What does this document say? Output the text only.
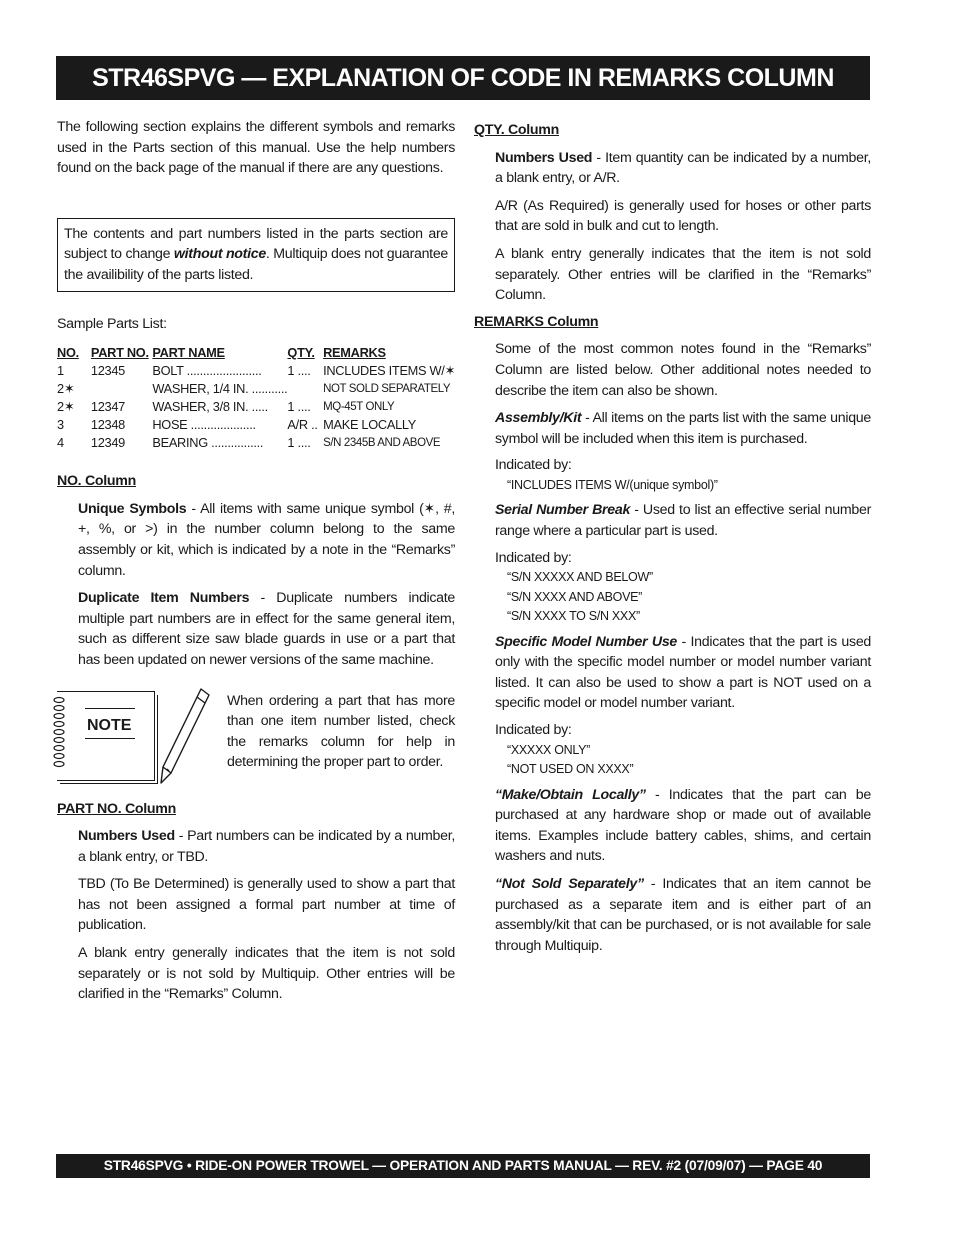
STR46SPVG — EXPLANATION OF CODE IN REMARKS COLUMN

The following section explains the different symbols and remarks used in the Parts section of this manual. Use the help numbers found on the back page of the manual if there are any questions.

The contents and part numbers listed in the parts section are subject to change without notice. Multiquip does not guarantee the availibility of the parts listed.

Sample Parts List:

NO.	PART NO.	PART NAME	QTY.	REMARKS
1	12345	BOLT .......................	1 ....	INCLUDES ITEMS W/✶
2✶		WASHER, 1/4 IN. ...........		NOT SOLD SEPARATELY
2✶	12347	WASHER, 3/8 IN. .....	1 ....	MQ-45T ONLY
3	12348	HOSE ....................	A/R ..	MAKE LOCALLY
4	12349	BEARING ................	1 ....	S/N 2345B AND ABOVE

NO. Column

Unique Symbols - All items with same unique symbol (✶, #, +, %, or >) in the number column belong to the same assembly or kit, which is indicated by a note in the “Remarks” column.

Duplicate Item Numbers - Duplicate numbers indicate multiple part numbers are in effect for the same general item, such as different size saw blade guards in use or a part that has been updated on newer versions of the same machine.

NOTE

When ordering a part that has more than one item number listed, check the remarks column for help in determining the proper part to order.

PART NO. Column

Numbers Used - Part numbers can be indicated by a number, a blank entry, or TBD.

TBD (To Be Determined) is generally used to show a part that has not been assigned a formal part number at time of publication.

A blank entry generally indicates that the item is not sold separately or is not sold by Multiquip. Other entries will be clarified in the “Remarks” Column.

QTY. Column

Numbers Used - Item quantity can be indicated by a number, a blank entry, or A/R.

A/R (As Required) is generally used for hoses or other parts that are sold in bulk and cut to length.

A blank entry generally indicates that the item is not sold separately. Other entries will be clarified in the “Remarks” Column.

REMARKS Column

Some of the most common notes found in the “Remarks” Column are listed below. Other additional notes needed to describe the item can also be shown.

Assembly/Kit - All items on the parts list with the same unique symbol will be included when this item is purchased.

Indicated by:

“INCLUDES ITEMS W/(unique symbol)”

Serial Number Break - Used to list an effective serial number range where a particular part is used.

Indicated by:

“S/N XXXXX AND BELOW”

“S/N XXXX AND ABOVE”

“S/N XXXX TO S/N XXX”

Specific Model Number Use - Indicates that the part is used only with the specific model number or model number variant listed. It can also be used to show a part is NOT used on a specific model or model number variant.

Indicated by:

“XXXXX ONLY”

“NOT USED ON XXXX”

“Make/Obtain Locally” - Indicates that the part can be purchased at any hardware shop or made out of available items. Examples include battery cables, shims, and certain washers and nuts.

“Not Sold Separately” - Indicates that an item cannot be purchased as a separate item and is either part of an assembly/kit that can be purchased, or is not available for sale through Multiquip.

STR46SPVG • RIDE-ON POWER TROWEL — OPERATION AND PARTS MANUAL — REV. #2 (07/09/07) — PAGE 40
